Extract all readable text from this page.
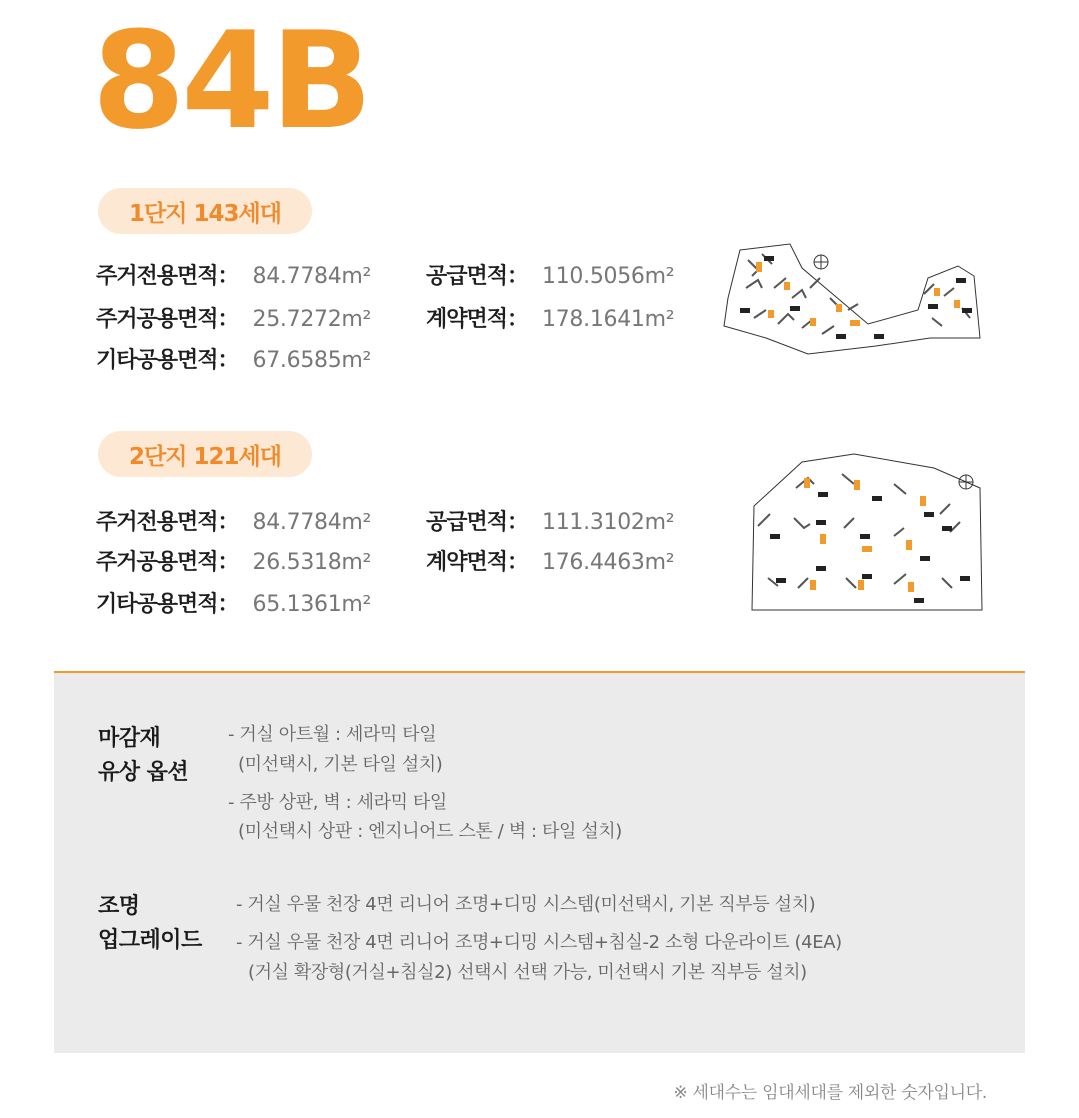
84B
1단지 143세대
주거전용면적 ： 84.7784m²
주거공용면적 ： 25.7272m²
기타공용면적 ： 67.6585m²
공급면적 ： 110.5056m²
계약면적 ： 178.1641m²
2단지 121세대
주거전용면적 ： 84.7784m²
주거공용면적 ： 26.5318m²
기타공용면적 ： 65.1361m²
공급면적 ： 111.3102m²
계약면적 ： 176.4463m²
마감재
유상 옵션
- 거실 아트월 : 세라믹 타일
(미선택시, 기본 타일 설치)
- 주방 상판, 벽 : 세라믹 타일
(미선택시 상판 : 엔지니어드 스톤 / 벽 : 타일 설치)
조명
업그레이드
- 거실 우물 천장 4면 리니어 조명+디밍 시스템(미선택시, 기본 직부등 설치)
- 거실 우물 천장 4면 리니어 조명+디밍 시스템+침실-2 소형 다운라이트 (4EA)
(거실 확장형(거실+침실2) 선택시 선택 가능, 미선택시 기본 직부등 설치)
※ 세대수는 임대세대를 제외한 숫자입니다.
